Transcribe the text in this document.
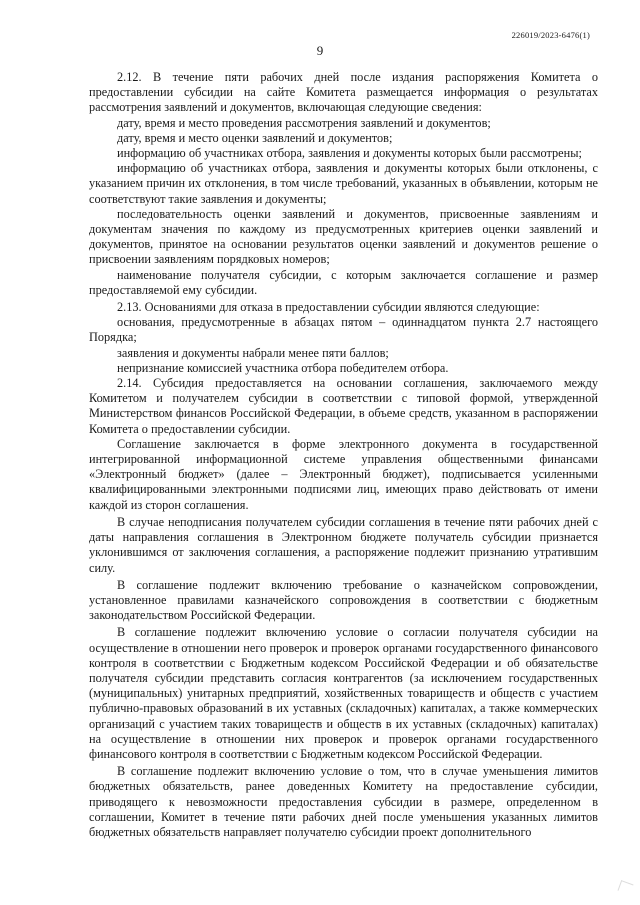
226019/2023-6476(1)
9

2.12. В течение пяти рабочих дней после издания распоряжения Комитета о предоставлении субсидии на сайте Комитета размещается информация о результатах рассмотрения заявлений и документов, включающая следующие сведения:

дату, время и место проведения рассмотрения заявлений и документов;

дату, время и место оценки заявлений и документов;

информацию об участниках отбора, заявления и документы которых были рассмотрены;

информацию об участниках отбора, заявления и документы которых были отклонены, с указанием причин их отклонения, в том числе требований, указанных в объявлении, которым не соответствуют такие заявления и документы;

последовательность оценки заявлений и документов, присвоенные заявлениям и документам значения по каждому из предусмотренных критериев оценки заявлений и документов, принятое на основании результатов оценки заявлений и документов решение о присвоении заявлениям порядковых номеров;

наименование получателя субсидии, с которым заключается соглашение и размер предоставляемой ему субсидии.

2.13. Основаниями для отказа в предоставлении субсидии являются следующие:

основания, предусмотренные в абзацах пятом – одиннадцатом пункта 2.7 настоящего Порядка;

заявления и документы набрали менее пяти баллов;

непризнание комиссией участника отбора победителем отбора.

2.14. Субсидия предоставляется на основании соглашения, заключаемого между Комитетом и получателем субсидии в соответствии с типовой формой, утвержденной Министерством финансов Российской Федерации, в объеме средств, указанном в распоряжении Комитета о предоставлении субсидии.

Соглашение заключается в форме электронного документа в государственной интегрированной информационной системе управления общественными финансами «Электронный бюджет» (далее – Электронный бюджет), подписывается усиленными квалифицированными электронными подписями лиц, имеющих право действовать от имени каждой из сторон соглашения.

В случае неподписания получателем субсидии соглашения в течение пяти рабочих дней с даты направления соглашения в Электронном бюджете получатель субсидии признается уклонившимся от заключения соглашения, а распоряжение подлежит признанию утратившим силу.

В соглашение подлежит включению требование о казначейском сопровождении, установленное правилами казначейского сопровождения в соответствии с бюджетным законодательством Российской Федерации.

В соглашение подлежит включению условие о согласии получателя субсидии на осуществление в отношении него проверок и проверок органами государственного финансового контроля в соответствии с Бюджетным кодексом Российской Федерации и об обязательстве получателя субсидии представить согласия контрагентов (за исключением государственных (муниципальных) унитарных предприятий, хозяйственных товариществ и обществ с участием публично-правовых образований в их уставных (складочных) капиталах, а также коммерческих организаций с участием таких товариществ и обществ в их уставных (складочных) капиталах) на осуществление в отношении них проверок и проверок органами государственного финансового контроля в соответствии с Бюджетным кодексом Российской Федерации.

В соглашение подлежит включению условие о том, что в случае уменьшения лимитов бюджетных обязательств, ранее доведенных Комитету на предоставление субсидии, приводящего к невозможности предоставления субсидии в размере, определенном в соглашении, Комитет в течение пяти рабочих дней после уменьшения указанных лимитов бюджетных обязательств направляет получателю субсидии проект дополнительного
